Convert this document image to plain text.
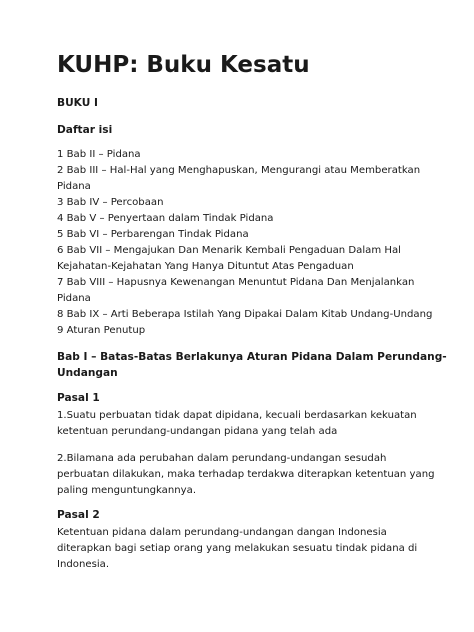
KUHP: Buku Kesatu

BUKU I

Daftar isi

1 Bab II – Pidana

2 Bab III – Hal-Hal yang Menghapuskan, Mengurangi atau Memberatkan

Pidana

3 Bab IV – Percobaan

4 Bab V – Penyertaan dalam Tindak Pidana

5 Bab VI – Perbarengan Tindak Pidana

6 Bab VII – Mengajukan Dan Menarik Kembali Pengaduan Dalam Hal

Kejahatan-Kejahatan Yang Hanya Dituntut Atas Pengaduan

7 Bab VIII – Hapusnya Kewenangan Menuntut Pidana Dan Menjalankan

Pidana

8 Bab IX – Arti Beberapa Istilah Yang Dipakai Dalam Kitab Undang-Undang

9 Aturan Penutup

Bab I – Batas-Batas Berlakunya Aturan Pidana Dalam Perundang-

Undangan

Pasal 1

1.Suatu perbuatan tidak dapat dipidana, kecuali berdasarkan kekuatan

ketentuan perundang-undangan pidana yang telah ada

2.Bilamana ada perubahan dalam perundang-undangan sesudah

perbuatan dilakukan, maka terhadap terdakwa diterapkan ketentuan yang

paling menguntungkannya.

Pasal 2

Ketentuan pidana dalam perundang-undangan dangan Indonesia

diterapkan bagi setiap orang yang melakukan sesuatu tindak pidana di

Indonesia.
